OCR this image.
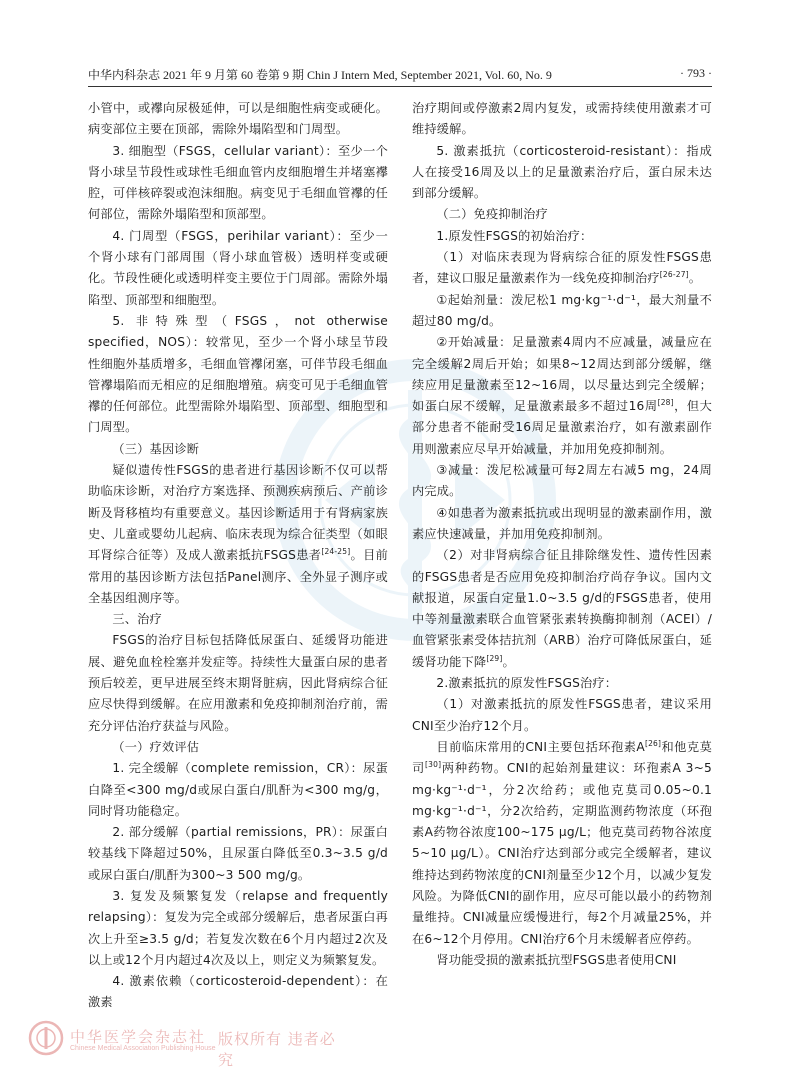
中华内科杂志 2021 年 9 月第 60 卷第 9 期 Chin J Intern Med, September 2021, Vol. 60, No. 9	· 793 ·

小管中，或襻向尿极延伸，可以是细胞性病变或硬化。病变部位主要在顶部，需除外塌陷型和门周型。

3. 细胞型（FSGS，cellular variant）：至少一个肾小球呈节段性或球性毛细血管内皮细胞增生并堵塞襻腔，可伴核碎裂或泡沫细胞。病变见于毛细血管襻的任何部位，需除外塌陷型和顶部型。

4. 门周型（FSGS，perihilar variant）：至少一个肾小球有门部周围（肾小球血管极）透明样变或硬化。节段性硬化或透明样变主要位于门周部。需除外塌陷型、顶部型和细胞型。

5. 非特殊型（FSGS，not otherwise specified，NOS）：较常见，至少一个肾小球呈节段性细胞外基质增多，毛细血管襻闭塞，可伴节段毛细血管襻塌陷而无相应的足细胞增殖。病变可见于毛细血管襻的任何部位。此型需除外塌陷型、顶部型、细胞型和门周型。

（三）基因诊断

疑似遗传性FSGS的患者进行基因诊断不仅可以帮助临床诊断，对治疗方案选择、预测疾病预后、产前诊断及肾移植均有重要意义。基因诊断适用于有肾病家族史、儿童或婴幼儿起病、临床表现为综合征类型（如眼耳肾综合征等）及成人激素抵抗FSGS患者[24-25]。目前常用的基因诊断方法包括Panel测序、全外显子测序或全基因组测序等。

三、治疗

FSGS的治疗目标包括降低尿蛋白、延缓肾功能进展、避免血栓栓塞并发症等。持续性大量蛋白尿的患者预后较差，更早进展至终末期肾脏病，因此肾病综合征应尽快得到缓解。在应用激素和免疫抑制剂治疗前，需充分评估治疗获益与风险。

（一）疗效评估

1. 完全缓解（complete remission，CR）：尿蛋白降至<300 mg/d或尿白蛋白/肌酐为<300 mg/g，同时肾功能稳定。

2. 部分缓解（partial remissions，PR）：尿蛋白较基线下降超过50%，且尿蛋白降低至0.3~3.5 g/d或尿白蛋白/肌酐为300~3 500 mg/g。

3. 复发及频繁复发（relapse and frequently relapsing）：复发为完全或部分缓解后，患者尿蛋白再次上升至≥3.5 g/d；若复发次数在6个月内超过2次及以上或12个月内超过4次及以上，则定义为频繁复发。

4. 激素依赖（corticosteroid-dependent）：在激素

治疗期间或停激素2周内复发，或需持续使用激素才可维持缓解。

5. 激素抵抗（corticosteroid-resistant）：指成人在接受16周及以上的足量激素治疗后，蛋白尿未达到部分缓解。

（二）免疫抑制治疗

1.原发性FSGS的初始治疗：

（1）对临床表现为肾病综合征的原发性FSGS患者，建议口服足量激素作为一线免疫抑制治疗[26-27]。

①起始剂量：泼尼松1 mg·kg⁻¹·d⁻¹，最大剂量不超过80 mg/d。

②开始减量：足量激素4周内不应减量，减量应在完全缓解2周后开始；如果8~12周达到部分缓解，继续应用足量激素至12~16周，以尽量达到完全缓解；如蛋白尿不缓解，足量激素最多不超过16周[28]，但大部分患者不能耐受16周足量激素治疗，如有激素副作用则激素应尽早开始减量，并加用免疫抑制剂。

③减量：泼尼松减量可每2周左右减5 mg，24周内完成。

④如患者为激素抵抗或出现明显的激素副作用，激素应快速减量，并加用免疫抑制剂。

（2）对非肾病综合征且排除继发性、遗传性因素的FSGS患者是否应用免疫抑制治疗尚存争议。国内文献报道，尿蛋白定量1.0~3.5 g/d的FSGS患者，使用中等剂量激素联合血管紧张素转换酶抑制剂（ACEI）/血管紧张素受体拮抗剂（ARB）治疗可降低尿蛋白，延缓肾功能下降[29]。

2.激素抵抗的原发性FSGS治疗：

（1）对激素抵抗的原发性FSGS患者，建议采用CNI至少治疗12个月。

目前临床常用的CNI主要包括环孢素A[26]和他克莫司[30]两种药物。CNI的起始剂量建议：环孢素A 3~5 mg·kg⁻¹·d⁻¹，分2次给药；或他克莫司0.05~0.1 mg·kg⁻¹·d⁻¹，分2次给药，定期监测药物浓度（环孢素A药物谷浓度100~175 μg/L；他克莫司药物谷浓度5~10 μg/L）。CNI治疗达到部分或完全缓解者，建议维持达到药物浓度的CNI剂量至少12个月，以减少复发风险。为降低CNI的副作用，应尽可能以最小的药物剂量维持。CNI减量应缓慢进行，每2个月减量25%，并在6~12个月停用。CNI治疗6个月未缓解者应停药。

肾功能受损的激素抵抗型FSGS患者使用CNI

中华医学会杂志社
Chinese Medical Association Publishing House
版权所有 违者必究
